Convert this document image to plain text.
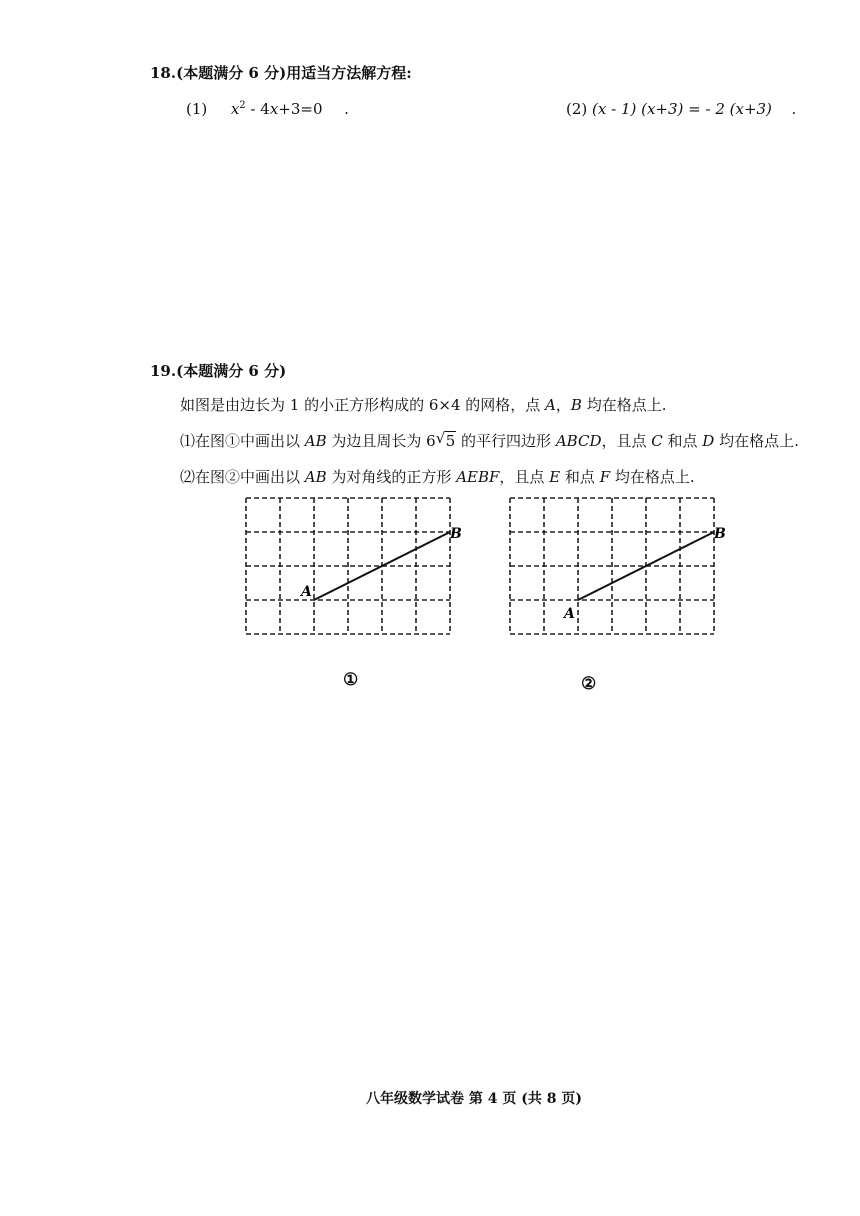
18.(本题满分 6 分)用适当方法解方程:
(1) $x^2 - 4x+3=0$ .	(2) (x - 1) (x+3) = - 2 (x+3) .
19.(本题满分 6 分)
如图是由边长为 1 的小正方形构成的 6×4 的网格，点 A，B 均在格点上.
⑴在图①中画出以 AB 为边且周长为 6 √ 5 的平行四边形 ABCD，且点 C 和点 D 均在格点上.
⑵在图②中画出以 AB 为对角线的正方形 AEBF，且点 E 和点 F 均在格点上.
A
B
A
B
①	②
八年级数学试卷 第 4 页 (共 8 页)
